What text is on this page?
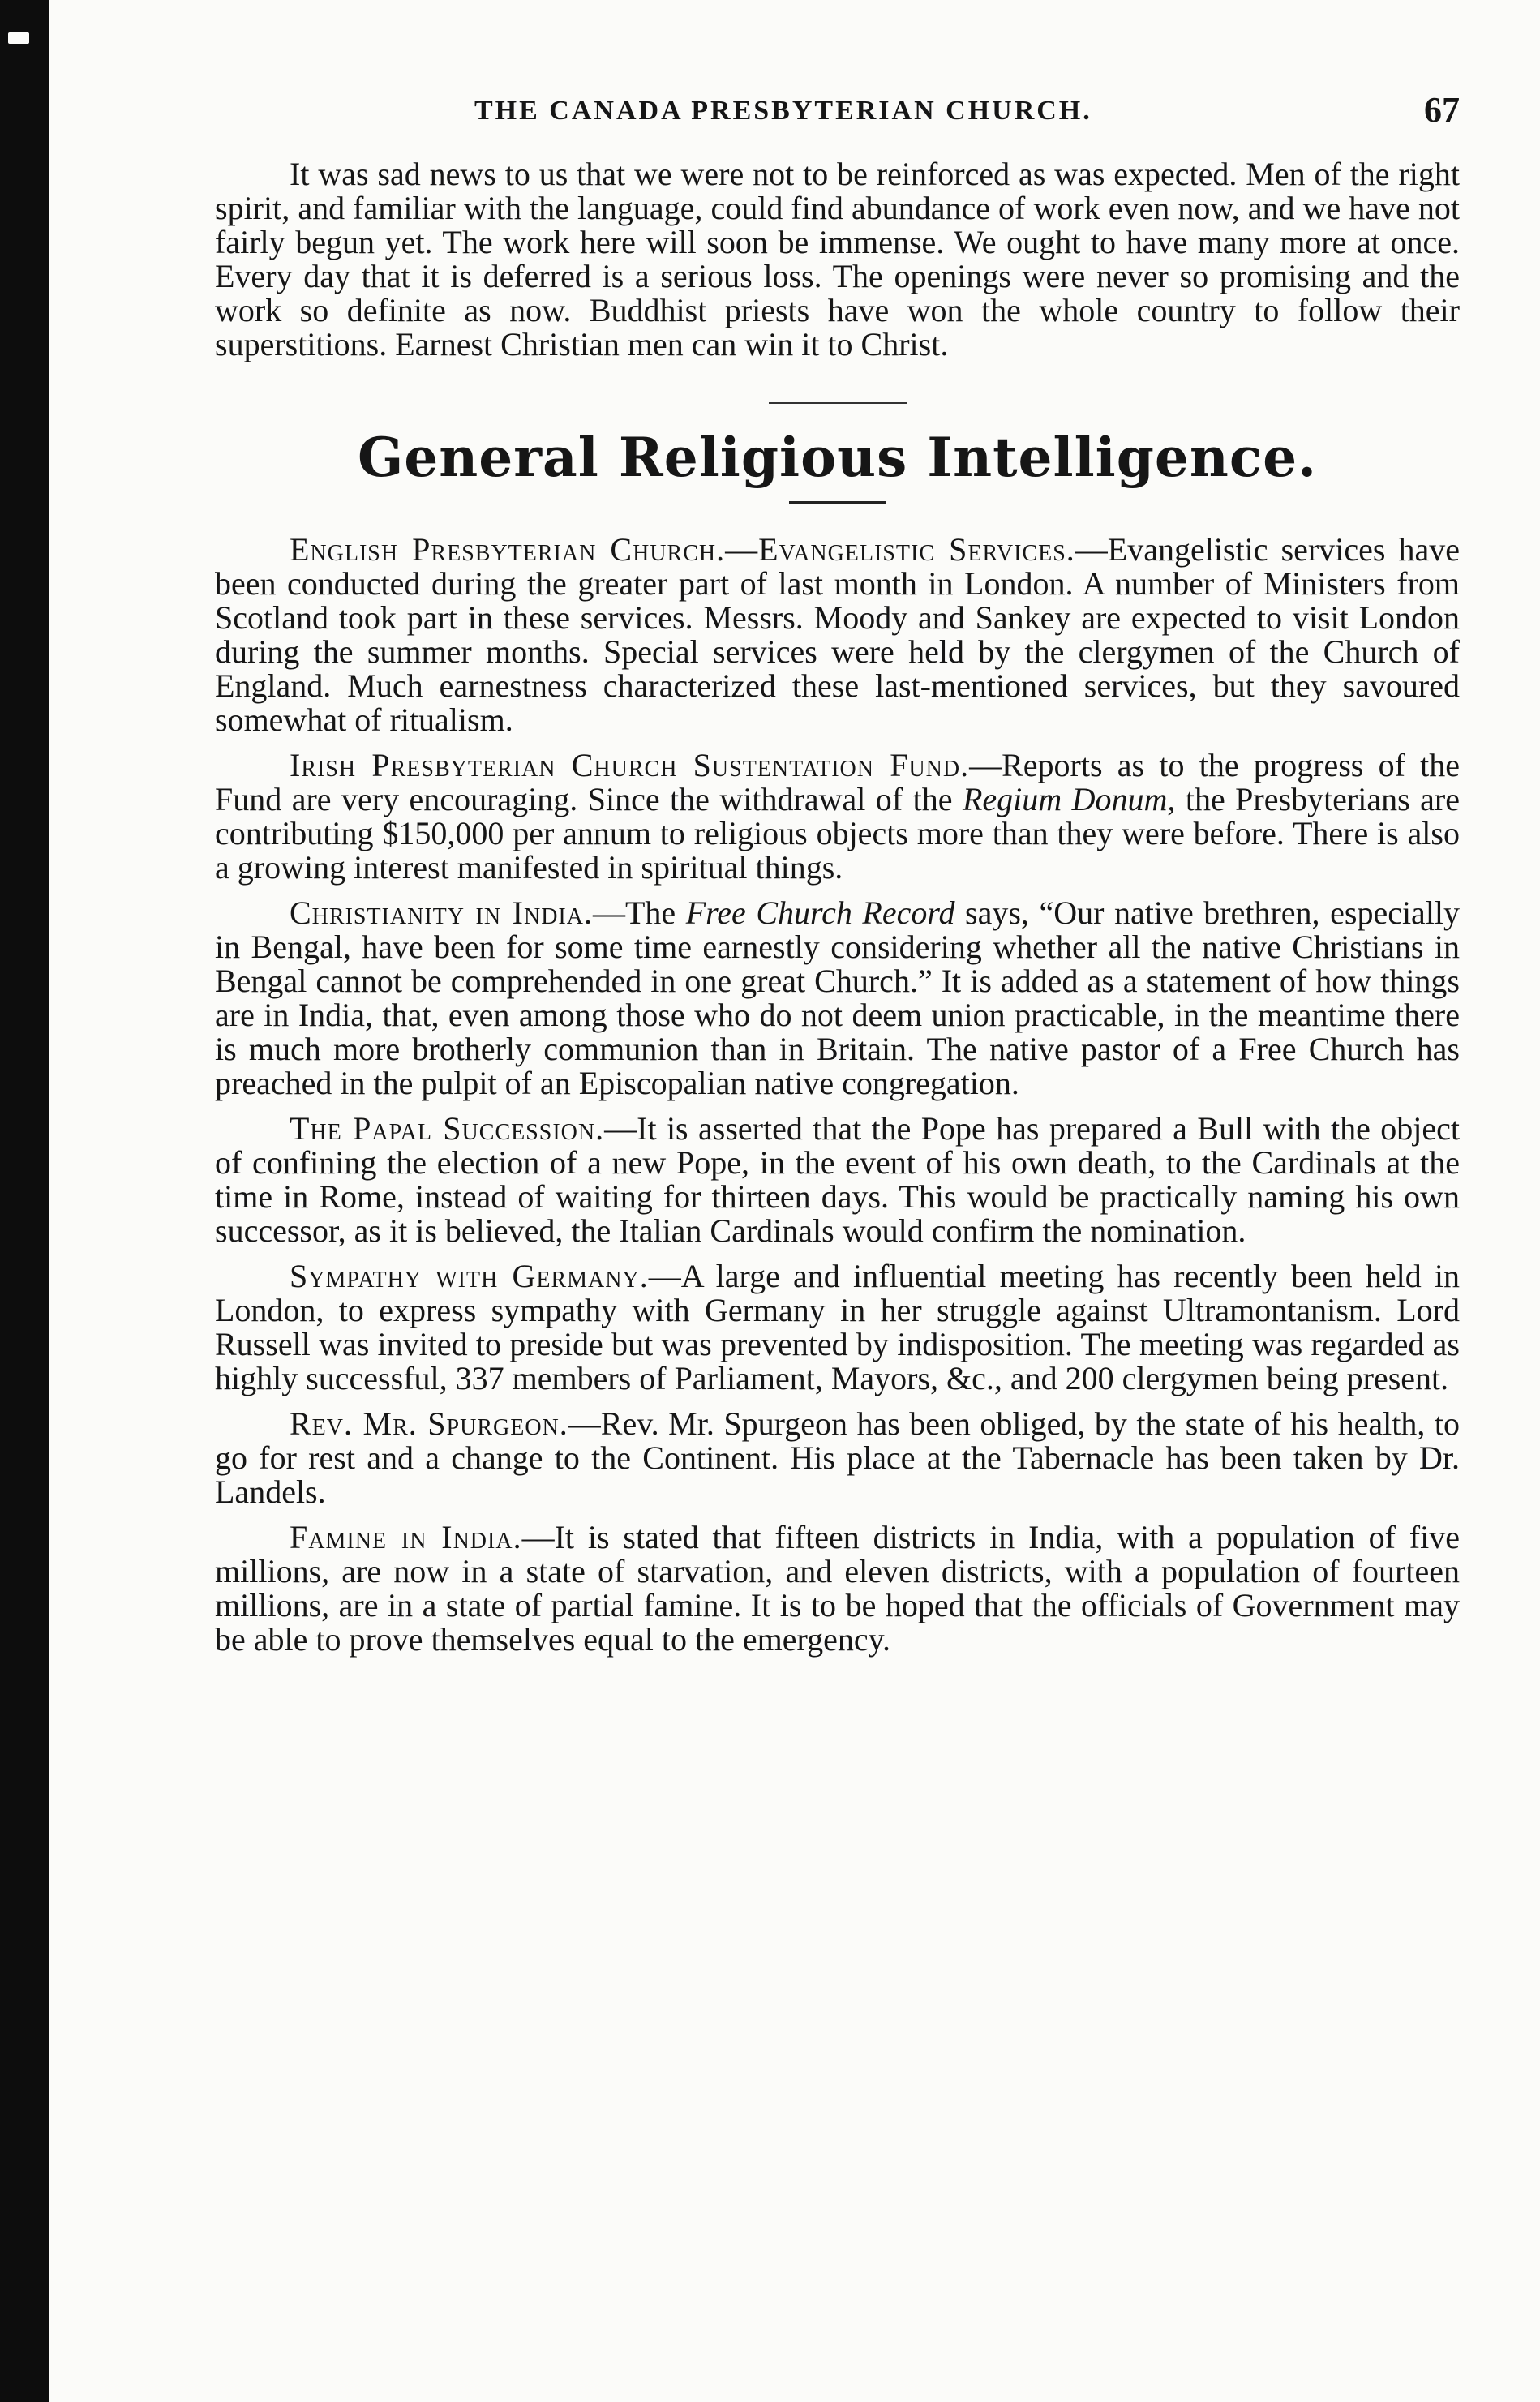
THE CANADA PRESBYTERIAN CHURCH.	67

It was sad news to us that we were not to be reinforced as was expected. Men of the right spirit, and familiar with the language, could find abundance of work even now, and we have not fairly begun yet. The work here will soon be immense. We ought to have many more at once. Every day that it is deferred is a serious loss. The openings were never so promising and the work so definite as now. Buddhist priests have won the whole country to follow their superstitions. Earnest Christian men can win it to Christ.

General Religious Intelligence.

English Presbyterian Church.—Evangelistic Services.—Evangelistic services have been conducted during the greater part of last month in London. A number of Ministers from Scotland took part in these services. Messrs. Moody and Sankey are expected to visit London during the summer months. Special services were held by the clergymen of the Church of England. Much earnestness characterized these last-mentioned services, but they savoured somewhat of ritualism.

Irish Presbyterian Church Sustentation Fund.—Reports as to the progress of the Fund are very encouraging. Since the withdrawal of the Regium Donum, the Presbyterians are contributing $150,000 per annum to religious objects more than they were before. There is also a growing interest manifested in spiritual things.

Christianity in India.—The Free Church Record says, “Our native brethren, especially in Bengal, have been for some time earnestly considering whether all the native Christians in Bengal cannot be comprehended in one great Church.” It is added as a statement of how things are in India, that, even among those who do not deem union practicable, in the meantime there is much more brotherly communion than in Britain. The native pastor of a Free Church has preached in the pulpit of an Episcopalian native congregation.

The Papal Succession.—It is asserted that the Pope has prepared a Bull with the object of confining the election of a new Pope, in the event of his own death, to the Cardinals at the time in Rome, instead of waiting for thirteen days. This would be practically naming his own successor, as it is believed, the Italian Cardinals would confirm the nomination.

Sympathy with Germany.—A large and influential meeting has recently been held in London, to express sympathy with Germany in her struggle against Ultramontanism. Lord Russell was invited to preside but was prevented by indisposition. The meeting was regarded as highly successful, 337 members of Parliament, Mayors, &c., and 200 clergymen being present.

Rev. Mr. Spurgeon.—Rev. Mr. Spurgeon has been obliged, by the state of his health, to go for rest and a change to the Continent. His place at the Tabernacle has been taken by Dr. Landels.

Famine in India.—It is stated that fifteen districts in India, with a population of five millions, are now in a state of starvation, and eleven districts, with a population of fourteen millions, are in a state of partial famine. It is to be hoped that the officials of Government may be able to prove themselves equal to the emergency.
